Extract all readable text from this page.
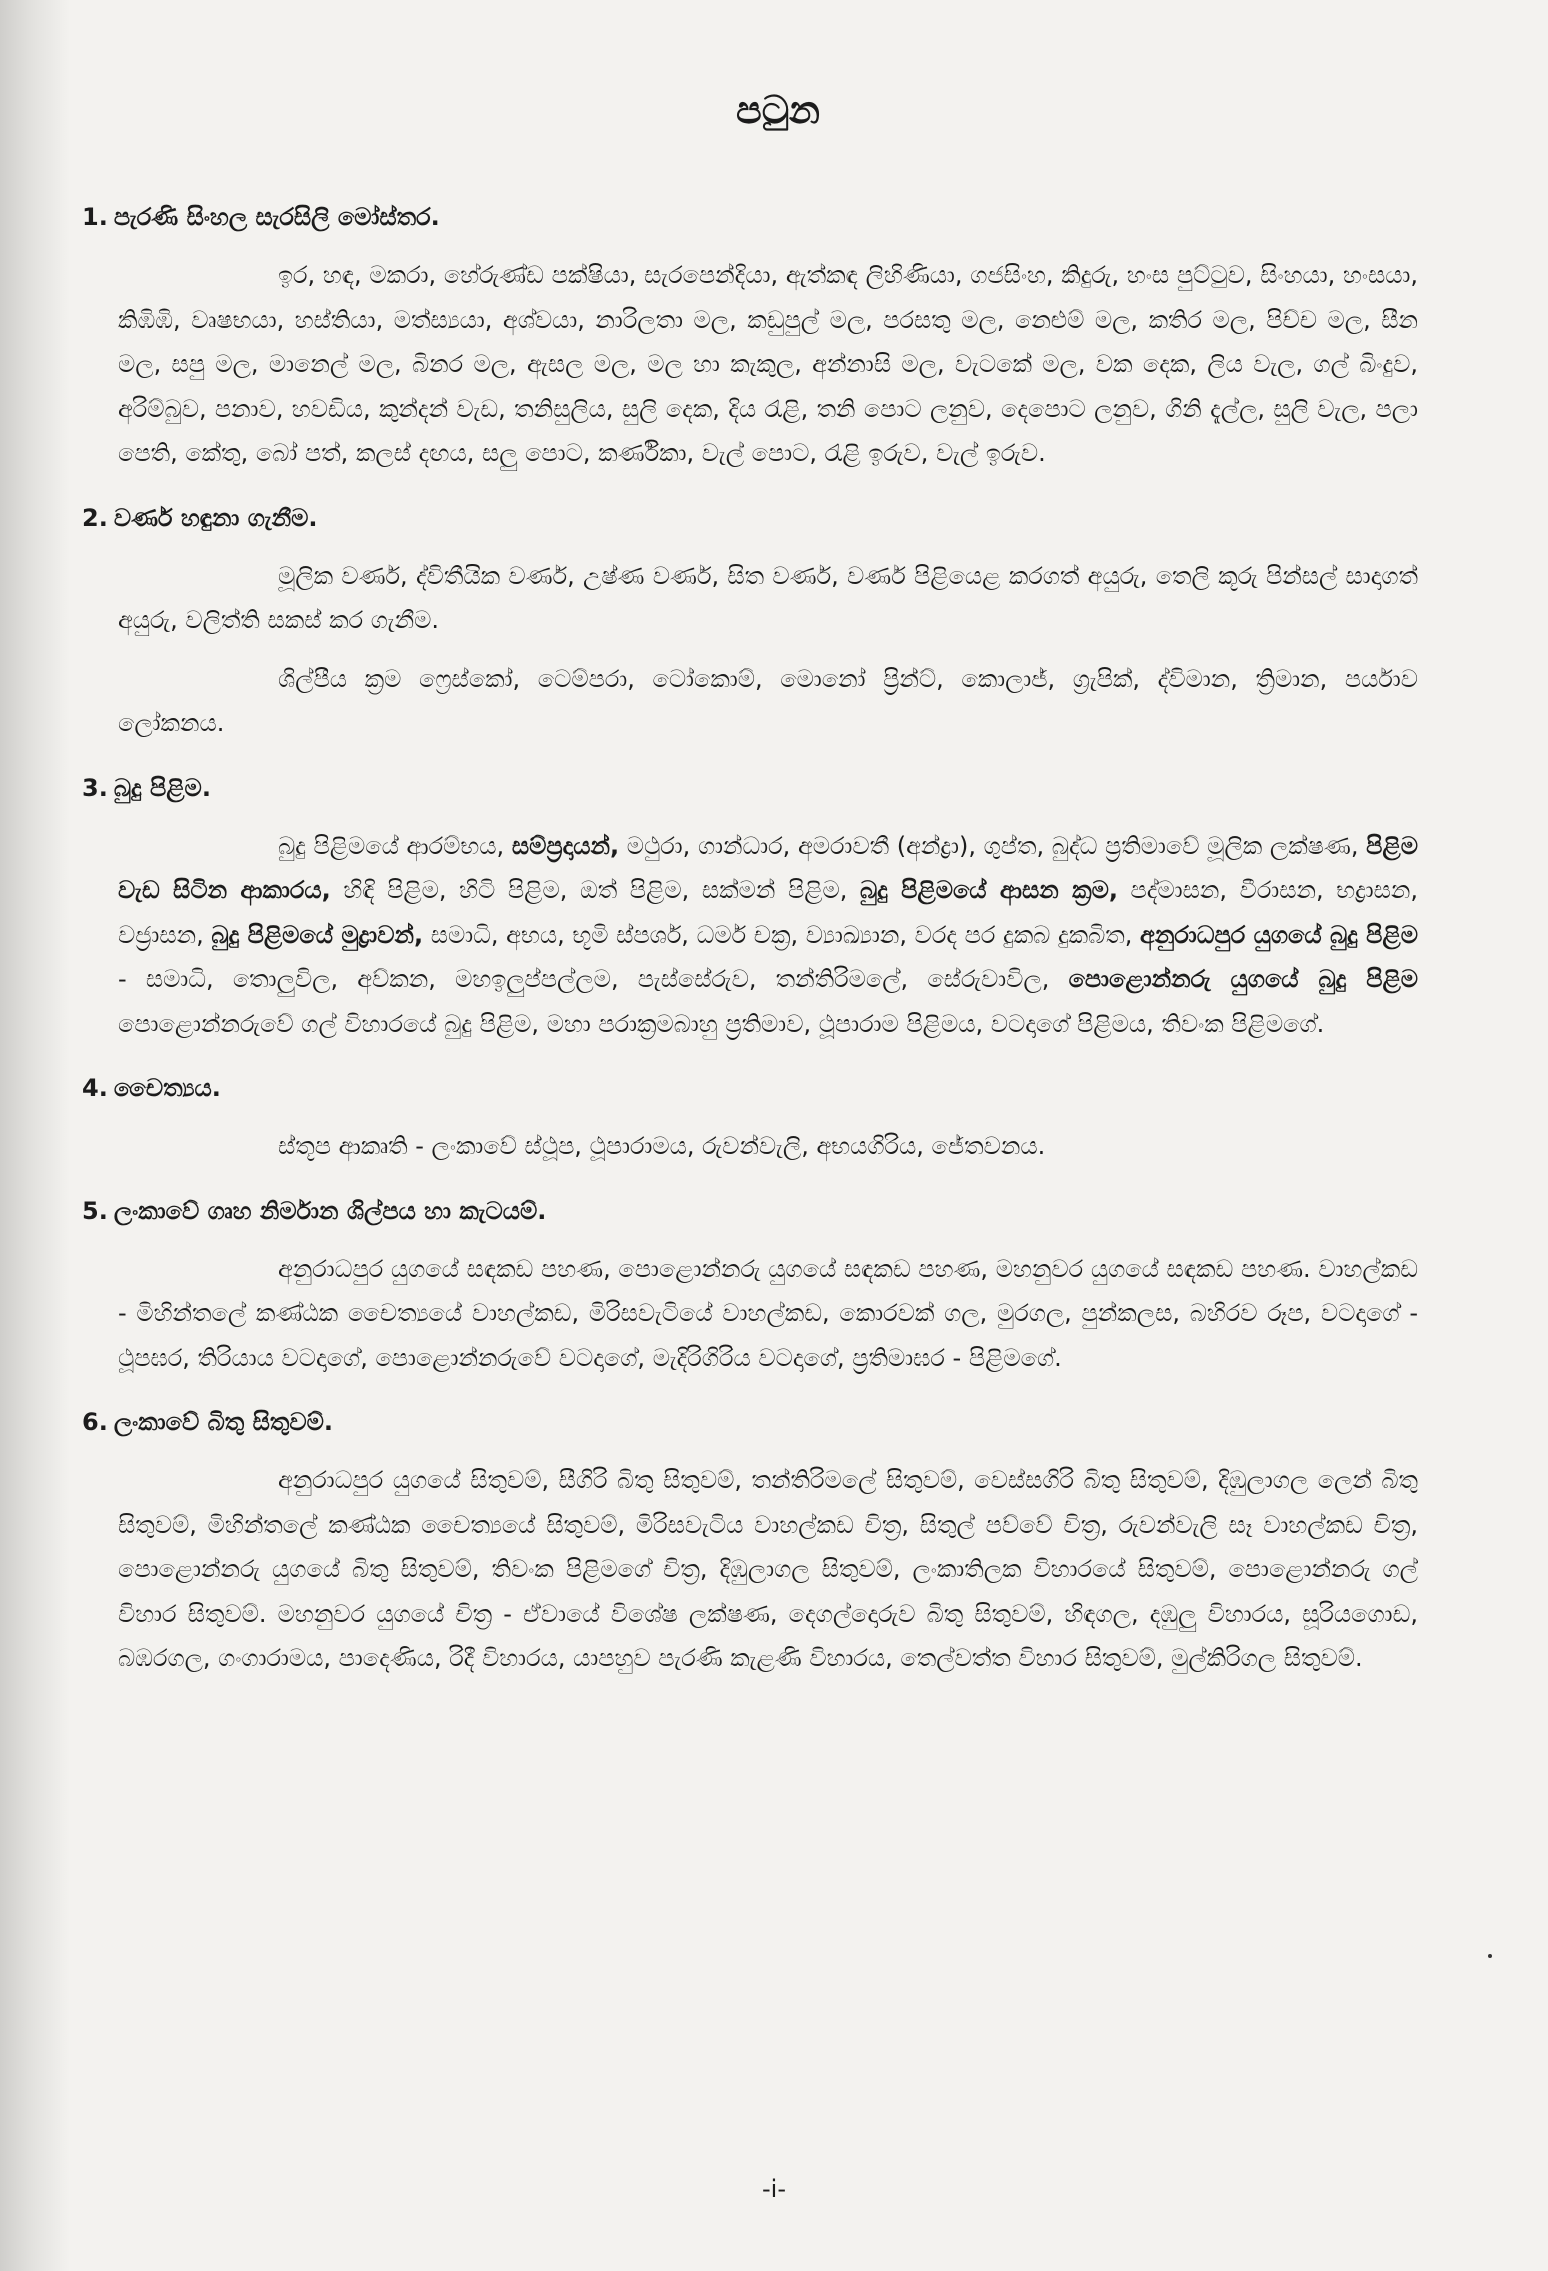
පටුන
1. පැරණි සිංහල සැරසිලි මෝස්තර.

ඉර, හඳ, මකරා, හේරුණ්ඩ පක්ෂියා, සැරපෙන්දියා, ඇත්කඳ ලිහිණියා, ගජසිංහ, කිදුරු, හංස පුට්ටුව, සිංහයා, හංසයා, කිඹිඹි, වෘෂභයා, හස්තියා, මත්ස්‍යයා, අශ්වයා, නාරිලතා මල, කඩුපුල් මල, පරසතු මල, නෙළුම් මල, කතිර මල, පිච්ච මල, සීන මල, සපු මල, මානෙල් මල, බිනර මල, ඇසල මල, මල හා කැකුල, අන්නාසි මල, වැටකේ මල, වක දෙක, ලිය වැල, ගල් බිංදුව, අරිම්බුව, පනාව, හවඩිය, කුන්දන් වැඩ, තනිසුලිය, සුලි දෙක, දිය රැළි, තනි පොට ලනුව, දෙපොට ලනුව, ගිනි දැල්ල, සුලි වැල, පලා පෙති, කේතු, බෝ පත්, කලස් දඟය, සලු පොට, කර්ණිකා, වැල් පොට, රැළි ඉරුව, වැල් ඉරුව.

2. වර්ණ හඳුනා ගැනීම.

මූලික වර්ණ, ද්විතීයික වර්ණ, උෂ්ණ වර්ණ, සිත වර්ණ, වර්ණ පිළියෙළ කරගත් අයුරු, තෙලි කූරු පින්සල් සාදාගත් අයුරු, වලිත්ති සකස් කර ගැනීම.

ශිල්පීය ක්‍රම ෆ්‍රෙස්කෝ, ටෙම්පරා, ටෝකොම්, මොනෝ ප්‍රින්ට්, කොලාජ්, ග්‍රැපික්, ද්විමාන, ත්‍රිමාන, පර්යාව ලෝකනය.

3. බුදු පිළිම.

බුදු පිළිමයේ ආරම්භය, සම්ප්‍රදායන්, මථුරා, ගාන්ධාර, අමරාවතී (අන්ද්‍රා), ගුප්ත, බුද්ධ ප්‍රතිමාවේ මූලික ලක්ෂණ, පිළිම වැඩ සිටින ආකාරය, හිඳි පිළිම, හිටි පිළිම, ඔත් පිළිම, සක්මන් පිළිම, බුදු පිළිමයේ ආසන ක්‍රම, පද්මාසන, වීරාසන, භද්‍රාසන, වජ්‍රාසන, බුදු පිළිමයේ මුද්‍රාවන්, සමාධි, අභය, භූමි ස්පර්ශ, ධර්ම චක්‍ර, ව්‍යාඛ්‍යාන, වරද පර දුකබ දුකබිත, අනුරාධපුර යුගයේ බුදු පිළිම - සමාධි, තොලුවිල, අව්කන, මහඉලුප්පල්ලම, පැස්සේරුව, තන්තිරිමලේ, සේරුවාවිල, පොළොන්නරු යුගයේ බුදු පිළිම පොළොන්නරුවේ ගල් විහාරයේ බුදු පිළිම, මහා පරාක්‍රමබාහු ප්‍රතිමාව, ථූපාරාම පිළිමය, වටදාගේ පිළිමය, තිවංක පිළිමගේ.

4. චෛත්‍යය.

ස්තූප ආකෘති - ලංකාවේ ස්ථූප, ථූපාරාමය, රුවන්වැලි, අභයගිරිය, ජේතවනය.

5. ලංකාවේ ගෘහ නිර්මාන ශිල්පය හා කැටයම්.

අනුරාධපුර යුගයේ සඳකඩ පහණ, පොළොන්නරු යුගයේ සඳකඩ පහණ, මහනුවර යුගයේ සඳකඩ පහණ. වාහල්කඩ - මිහින්තලේ කණ්ඨක චෛත්‍යයේ වාහල්කඩ, මිරිසවැටියේ වාහල්කඩ, කොරවක් ගල, මුරගල, පුන්කලස, බහිරව රූප, වටදාගේ - ථූපඝර, තිරියාය වටදාගේ, පොළොන්නරුවේ වටදාගේ, මැදිරිගිරිය වටදාගේ, ප්‍රතිමාඝර - පිළිමගේ.

6. ලංකාවේ බිතු සිතුවම්.

අනුරාධපුර යුගයේ සිතුවම්, සීගිරි බිතු සිතුවම්, තන්තිරිමලේ සිතුවම්, වෙස්සගිරි බිතු සිතුවම්, දිඹුලාගල ලෙන් බිතු සිතුවම්, මිහින්තලේ කණ්ඨක චෛත්‍යයේ සිතුවම්, මිරිසවැටිය වාහල්කඩ චිත්‍ර, සිතුල් පව්වේ චිත්‍ර, රුවන්වැලි සෑ වාහල්කඩ චිත්‍ර, පොළොන්නරු යුගයේ බිතු සිතුවම්, තිවංක පිළිමගේ චිත්‍ර, දිඹුලාගල සිතුවම්, ලංකාතිලක විහාරයේ සිතුවම්, පොළොන්නරු ගල් විහාර සිතුවම්. මහනුවර යුගයේ චිත්‍ර - ඒවායේ විශේෂ ලක්ෂණ, දෙගල්දොරුව බිතු සිතුවම්, හිඳගල, දඹුලු විහාරය, සූරියගොඩ, බඹරගල, ගංගාරාමය, පාදෙණිය, රිදී විහාරය, යාපහුව පැරණි කැළණි විහාරය, තෙල්වත්ත විහාර සිතුවම්, මුල්කිරිගල සිතුවම්.

-i-
